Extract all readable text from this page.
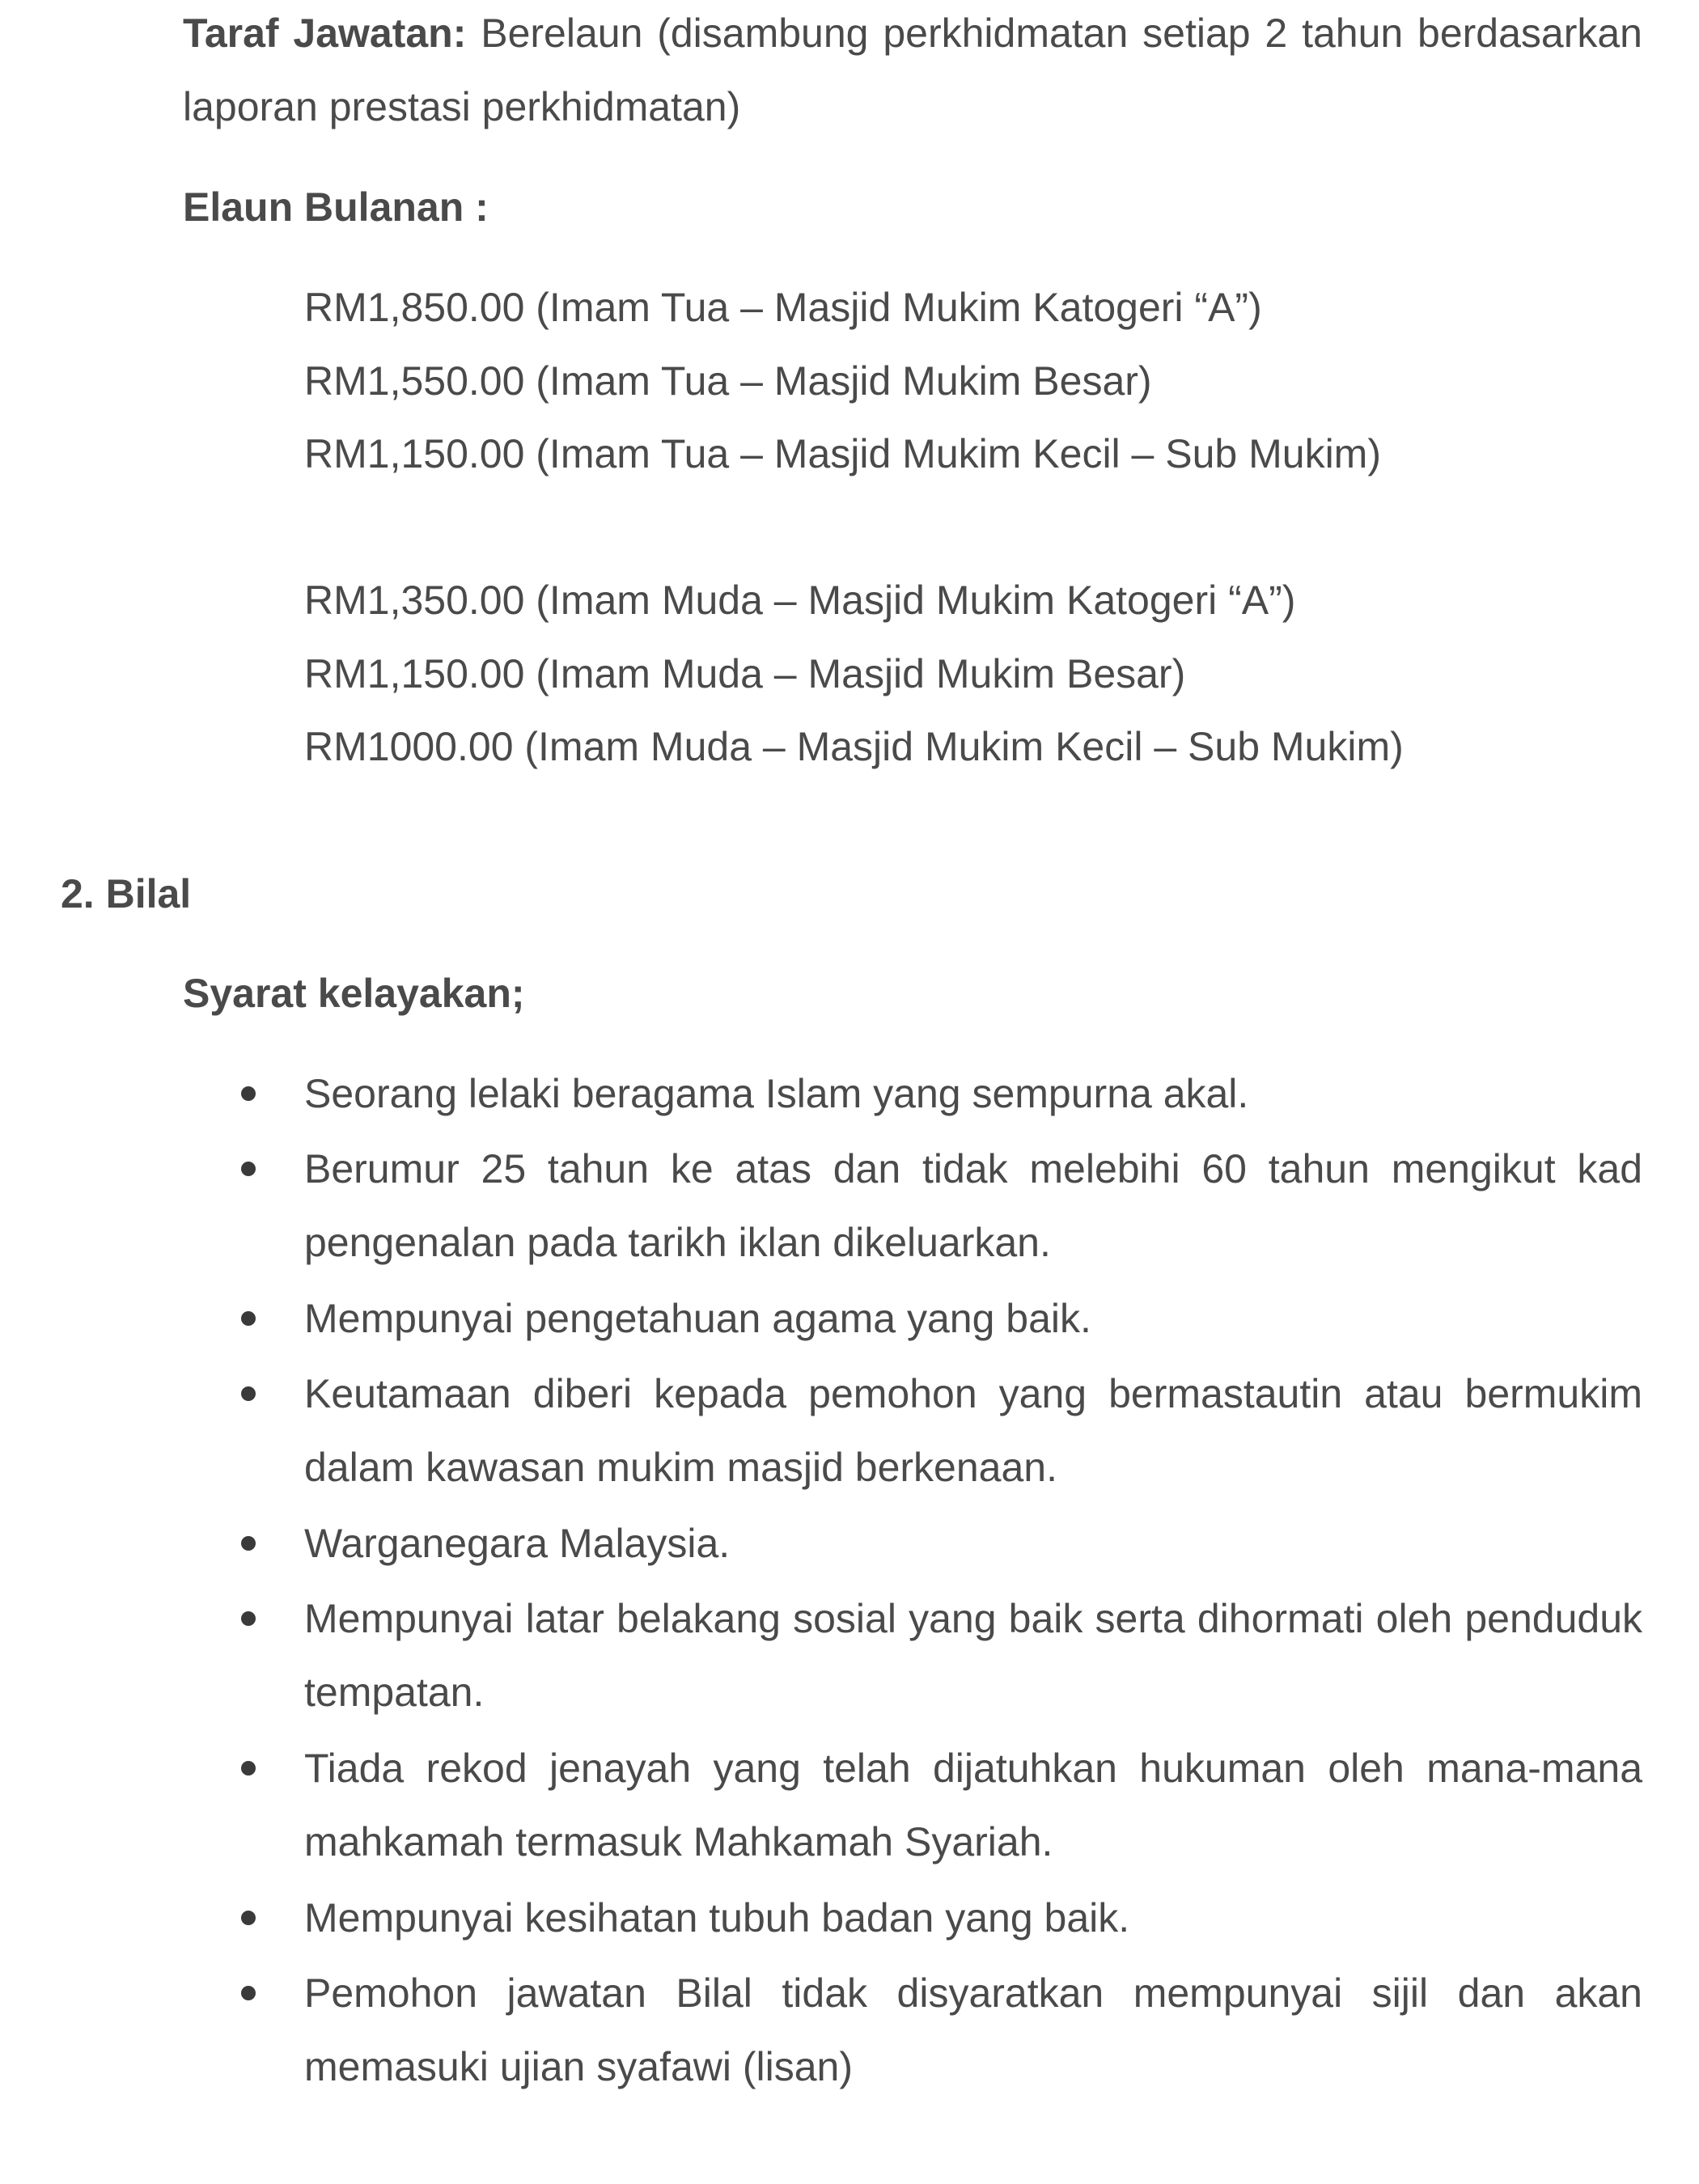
Taraf Jawatan: Berelaun (disambung perkhidmatan setiap 2 tahun berdasarkan laporan prestasi perkhidmatan)

Elaun Bulanan :
RM1,850.00 (Imam Tua – Masjid Mukim Katogeri “A”)
RM1,550.00 (Imam Tua – Masjid Mukim Besar)
RM1,150.00 (Imam Tua – Masjid Mukim Kecil – Sub Mukim)
RM1,350.00 (Imam Muda – Masjid Mukim Katogeri “A”)
RM1,150.00 (Imam Muda – Masjid Mukim Besar)
RM1000.00 (Imam Muda – Masjid Mukim Kecil – Sub Mukim)
2. Bilal
Syarat kelayakan;

Seorang lelaki beragama Islam yang sempurna akal.

Berumur 25 tahun ke atas dan tidak melebihi 60 tahun mengikut kad pengenalan pada tarikh iklan dikeluarkan.

Mempunyai pengetahuan agama yang baik.

Keutamaan diberi kepada pemohon yang bermastautin atau bermukim dalam kawasan mukim masjid berkenaan.

Warganegara Malaysia.

Mempunyai latar belakang sosial yang baik serta dihormati oleh penduduk tempatan.

Tiada rekod jenayah yang telah dijatuhkan hukuman oleh mana-mana mahkamah termasuk Mahkamah Syariah.

Mempunyai kesihatan tubuh badan yang baik.

Pemohon jawatan Bilal tidak disyaratkan mempunyai sijil dan akan memasuki ujian syafawi (lisan)
